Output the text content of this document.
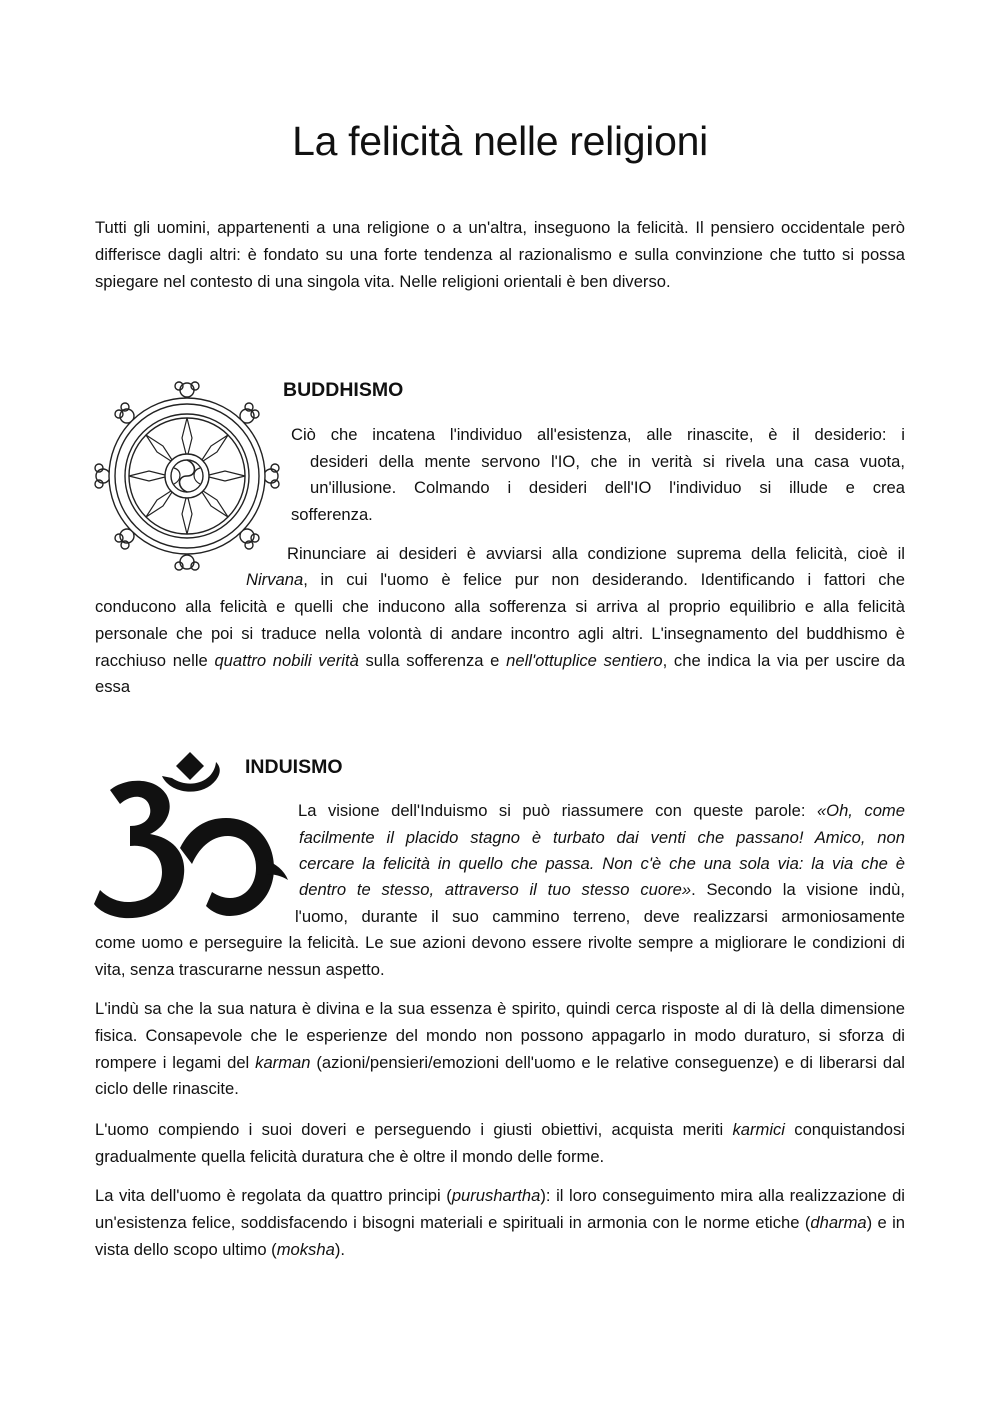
La felicità nelle religioni

Tutti gli uomini, appartenenti a una religione o a un'altra, inseguono la felicità. Il pensiero occidentale però differisce dagli altri: è fondato su una forte tendenza al razionalismo e sulla convinzione che tutto si possa spiegare nel contesto di una singola vita. Nelle religioni orientali è ben diverso.

BUDDHISMO
Ciò che incatena l'individuo all'esistenza, alle rinascite, è il desiderio: i
desideri della mente servono l'IO, che in verità si rivela una casa vuota,
un'illusione. Colmando i desideri dell'IO l'individuo si illude e crea
sofferenza.
Rinunciare ai desideri è avviarsi alla condizione suprema della felicità, cioè il
Nirvana, in cui l'uomo è felice pur non desiderando. Identificando i fattori che

conducono alla felicità e quelli che inducono alla sofferenza si arriva al proprio equilibrio e alla felicità personale che poi si traduce nella volontà di andare incontro agli altri. L'insegnamento del buddhismo è racchiuso nelle quattro nobili verità sulla sofferenza e nell'ottuplice sentiero, che indica la via per uscire da essa

INDUISMO
La visione dell'Induismo si può riassumere con queste parole: «Oh, come
facilmente il placido stagno è turbato dai venti che passano! Amico, non
cercare la felicità in quello che passa. Non c'è che una sola via: la via che è
dentro te stesso, attraverso il tuo stesso cuore». Secondo la visione indù,
l'uomo, durante il suo cammino terreno, deve realizzarsi armoniosamente

come uomo e perseguire la felicità. Le sue azioni devono essere rivolte sempre a migliorare le condizioni di vita, senza trascurarne nessun aspetto.

L'indù sa che la sua natura è divina e la sua essenza è spirito, quindi cerca risposte al di là della dimensione fisica. Consapevole che le esperienze del mondo non possono appagarlo in modo duraturo, si sforza di rompere i legami del karman (azioni/pensieri/emozioni dell'uomo e le relative conseguenze) e di liberarsi dal ciclo delle rinascite.

L'uomo compiendo i suoi doveri e perseguendo i giusti obiettivi, acquista meriti karmici conquistandosi gradualmente quella felicità duratura che è oltre il mondo delle forme.

La vita dell'uomo è regolata da quattro principi (purushartha): il loro conseguimento mira alla realizzazione di un'esistenza felice, soddisfacendo i bisogni materiali e spirituali in armonia con le norme etiche (dharma) e in vista dello scopo ultimo (moksha).
